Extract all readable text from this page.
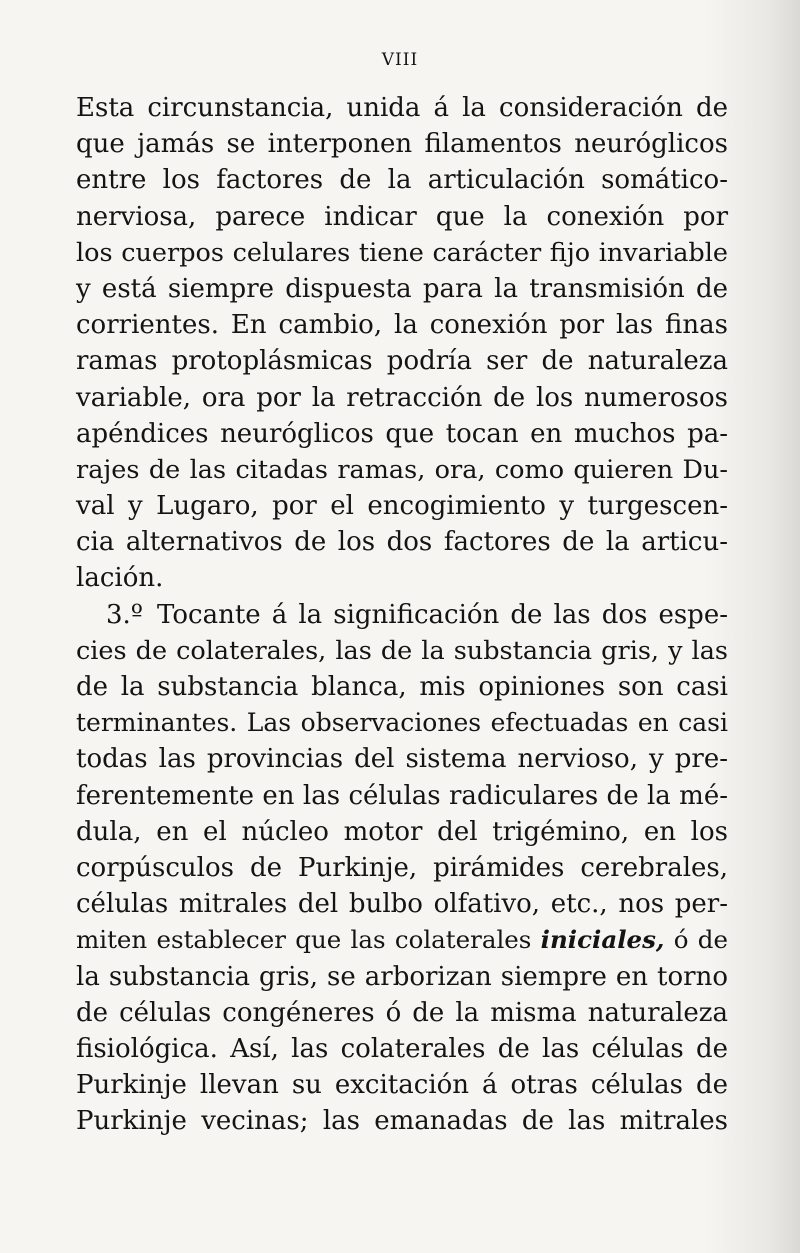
VIII
Esta circunstancia, unida á la consideración de
que jamás se interponen filamentos neuróglicos
entre los factores de la articulación somático-
nerviosa, parece indicar que la conexión por
los cuerpos celulares tiene carácter fijo invariable
y está siempre dispuesta para la transmisión de
corrientes. En cambio, la conexión por las finas
ramas protoplásmicas podría ser de naturaleza
variable, ora por la retracción de los numerosos
apéndices neuróglicos que tocan en muchos pa-
rajes de las citadas ramas, ora, como quieren Du-
val y Lugaro, por el encogimiento y turgescen-
cia alternativos de los dos factores de la articu-
lación.
3.º Tocante á la significación de las dos espe-
cies de colaterales, las de la substancia gris, y las
de la substancia blanca, mis opiniones son casi
terminantes. Las observaciones efectuadas en casi
todas las provincias del sistema nervioso, y pre-
ferentemente en las células radiculares de la mé-
dula, en el núcleo motor del trigémino, en los
corpúsculos de Purkinje, pirámides cerebrales,
células mitrales del bulbo olfativo, etc., nos per-
miten establecer que las colaterales iniciales, ó de
la substancia gris, se arborizan siempre en torno
de células congéneres ó de la misma naturaleza
fisiológica. Así, las colaterales de las células de
Purkinje llevan su excitación á otras células de
Purkinje vecinas; las emanadas de las mitrales
